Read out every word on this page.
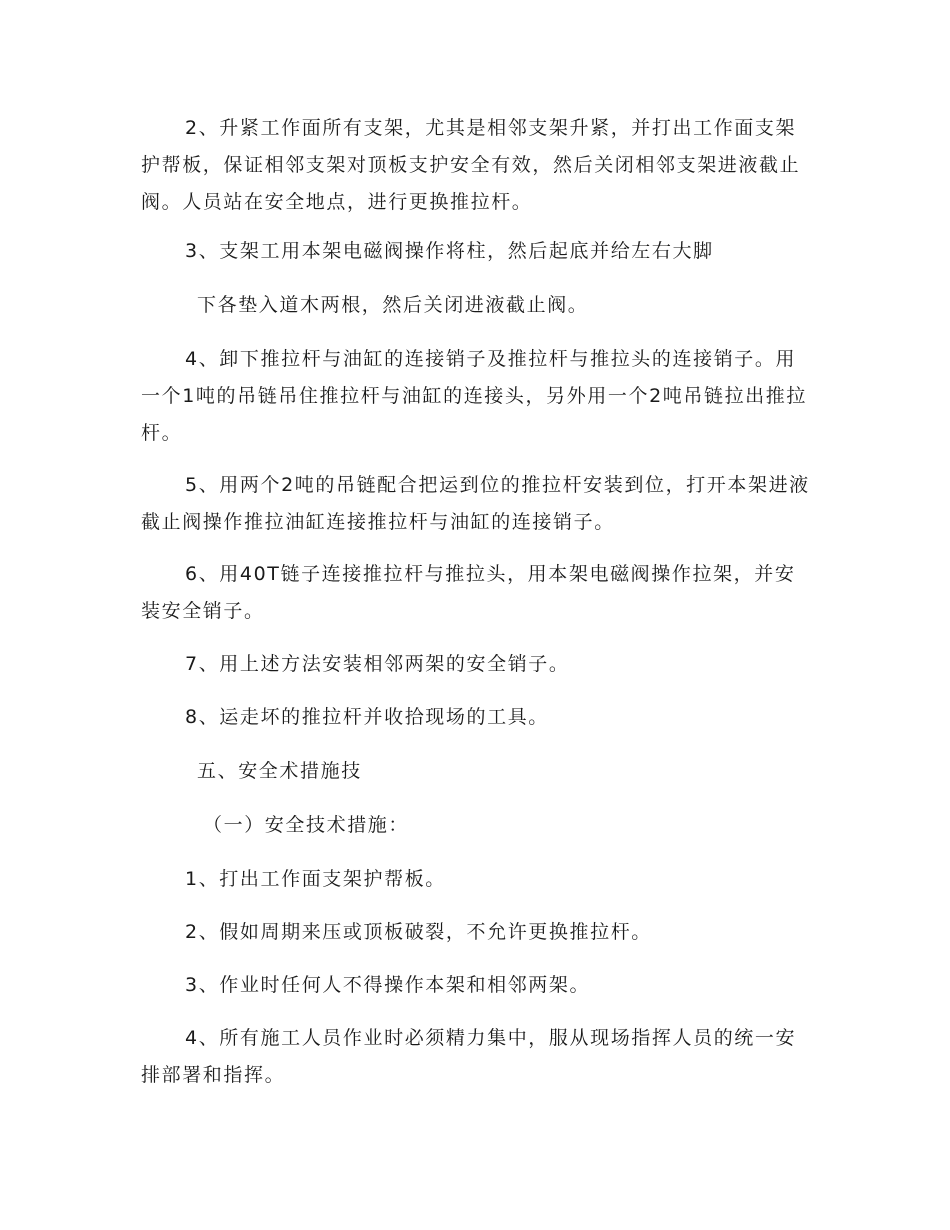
2、升紧工作面所有支架，尤其是相邻支架升紧，并打出工作面支架护帮板，保证相邻支架对顶板支护安全有效，然后关闭相邻支架进液截止阀。人员站在安全地点，进行更换推拉杆。

3、支架工用本架电磁阀操作将柱，然后起底并给左右大脚

下各垫入道木两根，然后关闭进液截止阀。

4、卸下推拉杆与油缸的连接销子及推拉杆与推拉头的连接销子。用一个1吨的吊链吊住推拉杆与油缸的连接头，另外用一个2吨吊链拉出推拉杆。

5、用两个2吨的吊链配合把运到位的推拉杆安装到位，打开本架进液截止阀操作推拉油缸连接推拉杆与油缸的连接销子。

6、用40T链子连接推拉杆与推拉头，用本架电磁阀操作拉架，并安装安全销子。

7、用上述方法安装相邻两架的安全销子。

8、运走坏的推拉杆并收拾现场的工具。

五、安全术措施技

（一）安全技术措施：

1、打出工作面支架护帮板。

2、假如周期来压或顶板破裂，不允许更换推拉杆。

3、作业时任何人不得操作本架和相邻两架。

4、所有施工人员作业时必须精力集中，服从现场指挥人员的统一安排部署和指挥。
